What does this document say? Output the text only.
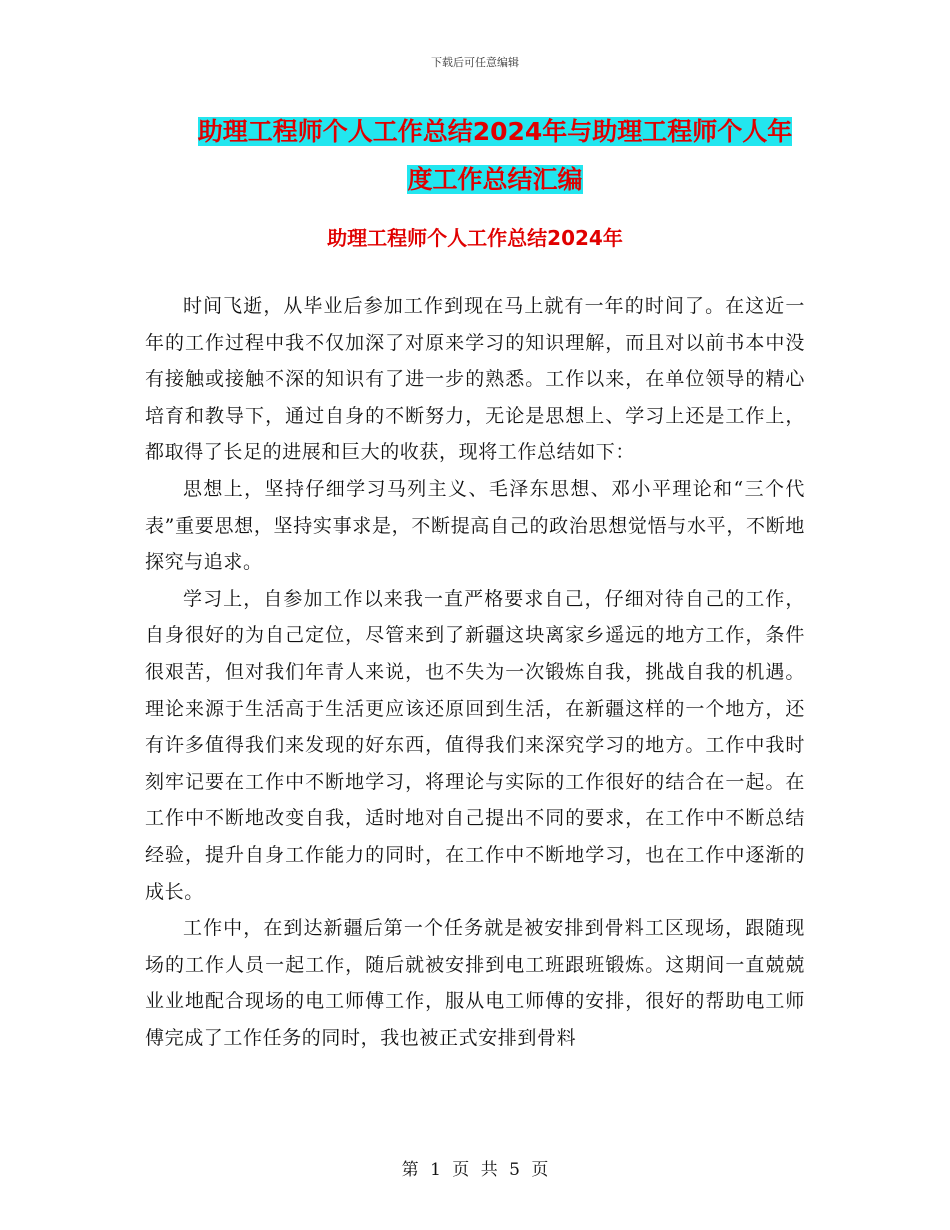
下载后可任意编辑
助理工程师个人工作总结2024年与助理工程师个人年
度工作总结汇编
助理工程师个人工作总结2024年

时间飞逝，从毕业后参加工作到现在马上就有一年的时间了。在这近一年的工作过程中我不仅加深了对原来学习的知识理解，而且对以前书本中没有接触或接触不深的知识有了进一步的熟悉。工作以来，在单位领导的精心培育和教导下，通过自身的不断努力，无论是思想上、学习上还是工作上，都取得了长足的进展和巨大的收获，现将工作总结如下：

思想上，坚持仔细学习马列主义、毛泽东思想、邓小平理论和“三个代表”重要思想，坚持实事求是，不断提高自己的政治思想觉悟与水平，不断地探究与追求。

学习上，自参加工作以来我一直严格要求自己，仔细对待自己的工作，自身很好的为自己定位，尽管来到了新疆这块离家乡遥远的地方工作，条件很艰苦，但对我们年青人来说，也不失为一次锻炼自我，挑战自我的机遇。理论来源于生活高于生活更应该还原回到生活，在新疆这样的一个地方，还有许多值得我们来发现的好东西，值得我们来深究学习的地方。工作中我时刻牢记要在工作中不断地学习，将理论与实际的工作很好的结合在一起。在工作中不断地改变自我，适时地对自己提出不同的要求，在工作中不断总结经验，提升自身工作能力的同时，在工作中不断地学习，也在工作中逐渐的成长。

工作中，在到达新疆后第一个任务就是被安排到骨料工区现场，跟随现场的工作人员一起工作，随后就被安排到电工班跟班锻炼。这期间一直兢兢业业地配合现场的电工师傅工作，服从电工师傅的安排，很好的帮助电工师傅完成了工作任务的同时，我也被正式安排到骨料

第 1 页 共 5 页
